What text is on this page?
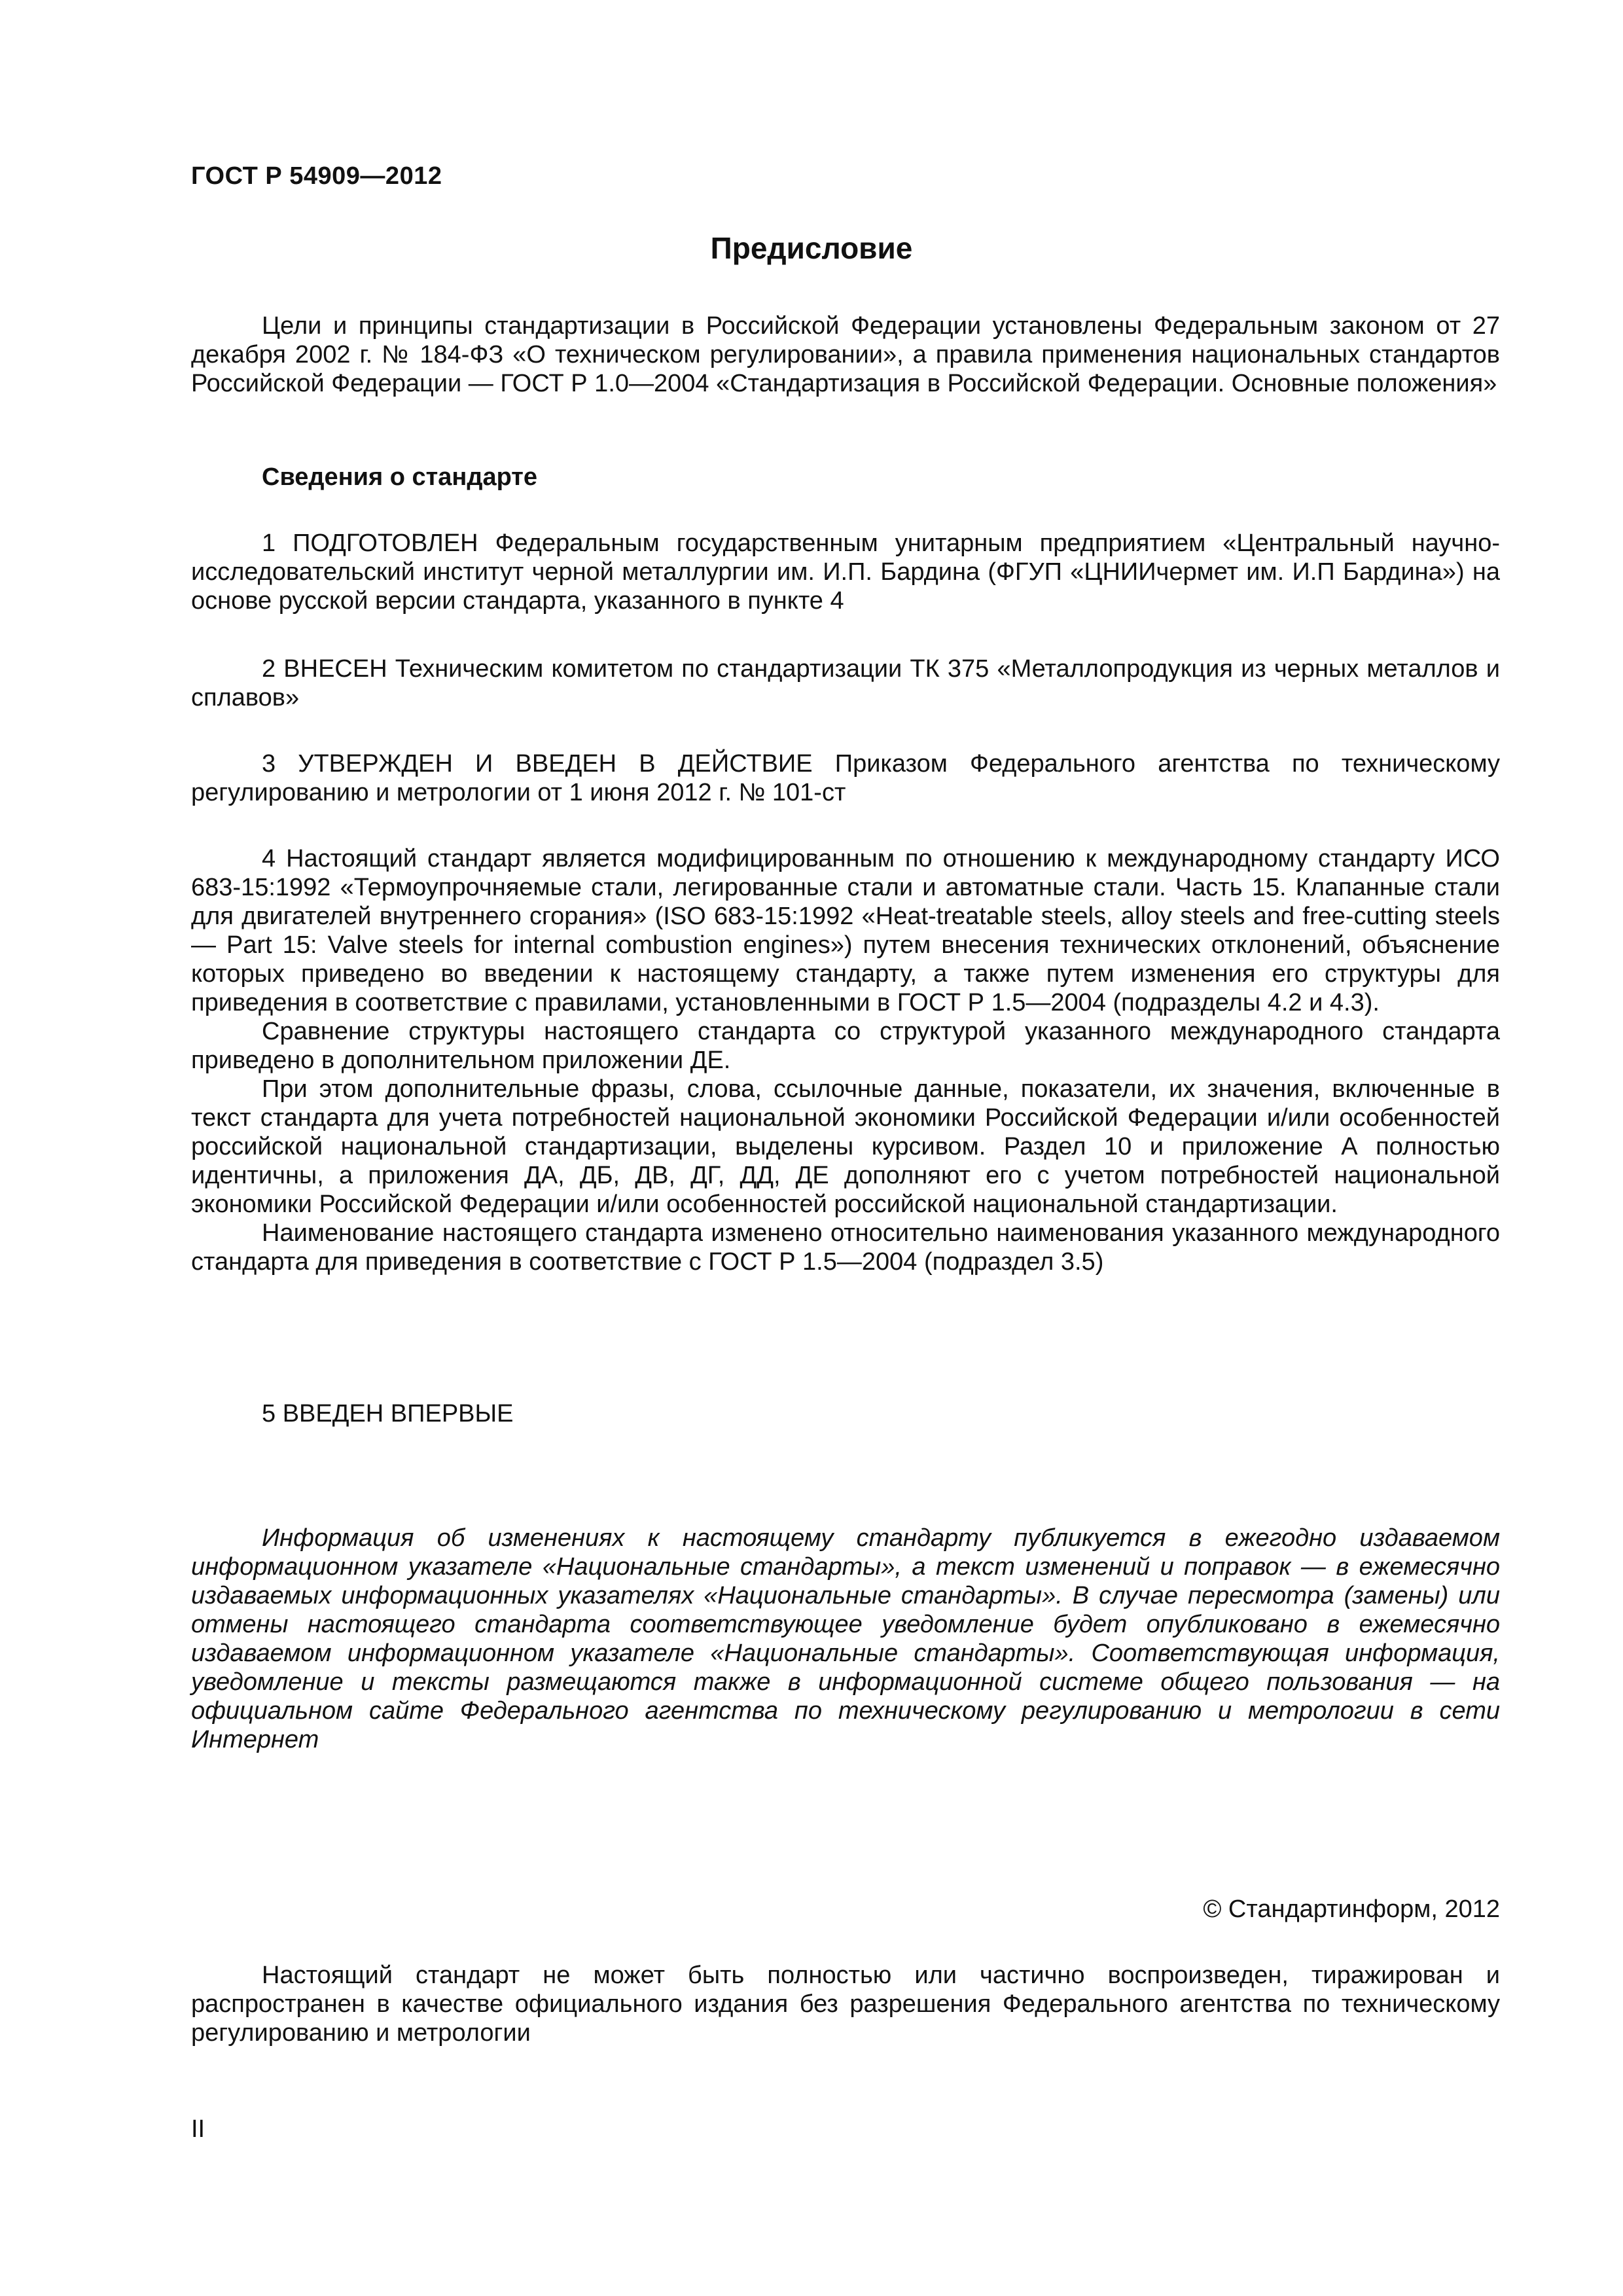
ГОСТ Р 54909—2012
Предисловие

Цели и принципы стандартизации в Российской Федерации установлены Федеральным законом от 27 декабря 2002 г. № 184-ФЗ «О техническом регулировании», а правила применения национальных стандартов Российской Федерации — ГОСТ Р 1.0—2004 «Стандартизация в Российской Федерации. Основные положения»

Сведения о стандарте

1 ПОДГОТОВЛЕН Федеральным государственным унитарным предприятием «Центральный научно-исследовательский институт черной металлургии им. И.П. Бардина (ФГУП «ЦНИИчермет им. И.П Бардина») на основе русской версии стандарта, указанного в пункте 4

2 ВНЕСЕН Техническим комитетом по стандартизации ТК 375 «Металлопродукция из черных металлов и сплавов»

3 УТВЕРЖДЕН И ВВЕДЕН В ДЕЙСТВИЕ Приказом Федерального агентства по техническому регулированию и метрологии от 1 июня 2012 г. № 101-ст

4 Настоящий стандарт является модифицированным по отношению к международному стандарту ИСО 683-15:1992 «Термоупрочняемые стали, легированные стали и автоматные стали. Часть 15. Клапанные стали для двигателей внутреннего сгорания» (ISO 683-15:1992 «Heat-treatable steels, alloy steels and free-cutting steels — Part 15: Valve steels for internal combustion engines») путем внесения технических отклонений, объяснение которых приведено во введении к настоящему стандарту, а также путем изменения его структуры для приведения в соответствие с правилами, установленными в ГОСТ Р 1.5—2004 (подразделы 4.2 и 4.3).

Сравнение структуры настоящего стандарта со структурой указанного международного стандарта приведено в дополнительном приложении ДЕ.

При этом дополнительные фразы, слова, ссылочные данные, показатели, их значения, включенные в текст стандарта для учета потребностей национальной экономики Российской Федерации и/или особенностей российской национальной стандартизации, выделены курсивом. Раздел 10 и приложение А полностью идентичны, а приложения ДА, ДБ, ДВ, ДГ, ДД, ДЕ дополняют его с учетом потребностей национальной экономики Российской Федерации и/или особенностей российской национальной стандартизации.

Наименование настоящего стандарта изменено относительно наименования указанного международного стандарта для приведения в соответствие с ГОСТ Р 1.5—2004 (подраздел 3.5)

5 ВВЕДЕН ВПЕРВЫЕ

Информация об изменениях к настоящему стандарту публикуется в ежегодно издаваемом информационном указателе «Национальные стандарты», а текст изменений и поправок — в ежемесячно издаваемых информационных указателях «Национальные стандарты». В случае пересмотра (замены) или отмены настоящего стандарта соответствующее уведомление будет опубликовано в ежемесячно издаваемом информационном указателе «Национальные стандарты». Соответствующая информация, уведомление и тексты размещаются также в информационной системе общего пользования — на официальном сайте Федерального агентства по техническому регулированию и метрологии в сети Интернет

© Стандартинформ, 2012

Настоящий стандарт не может быть полностью или частично воспроизведен, тиражирован и распространен в качестве официального издания без разрешения Федерального агентства по техническому регулированию и метрологии

II
